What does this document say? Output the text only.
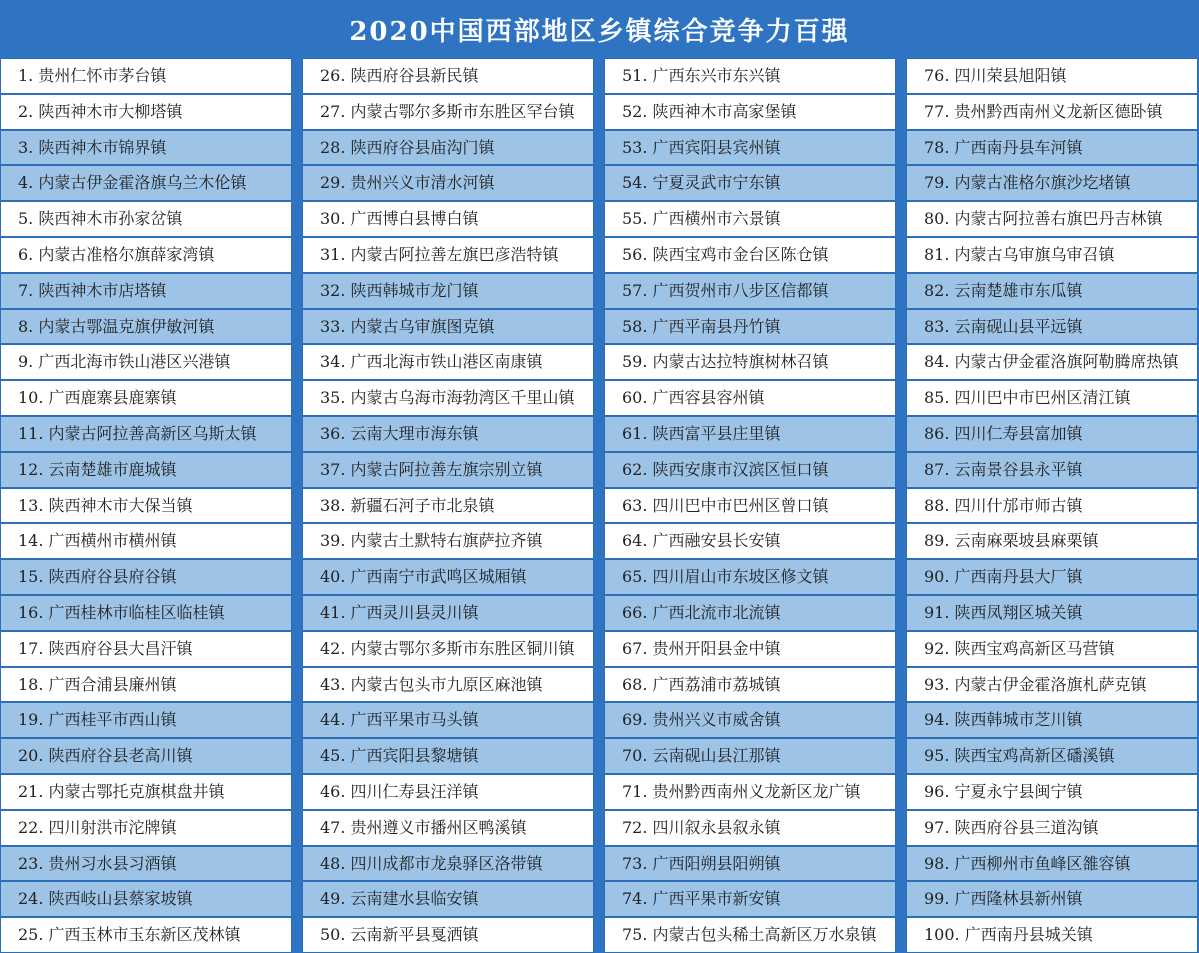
2020中国西部地区乡镇综合竞争力百强
1. 贵州仁怀市茅台镇
2. 陕西神木市大柳塔镇
3. 陕西神木市锦界镇
4. 内蒙古伊金霍洛旗乌兰木伦镇
5. 陕西神木市孙家岔镇
6. 内蒙古准格尔旗薛家湾镇
7. 陕西神木市店塔镇
8. 内蒙古鄂温克旗伊敏河镇
9. 广西北海市铁山港区兴港镇
10. 广西鹿寨县鹿寨镇
11. 内蒙古阿拉善高新区乌斯太镇
12. 云南楚雄市鹿城镇
13. 陕西神木市大保当镇
14. 广西横州市横州镇
15. 陕西府谷县府谷镇
16. 广西桂林市临桂区临桂镇
17. 陕西府谷县大昌汗镇
18. 广西合浦县廉州镇
19. 广西桂平市西山镇
20. 陕西府谷县老高川镇
21. 内蒙古鄂托克旗棋盘井镇
22. 四川射洪市沱牌镇
23. 贵州习水县习酒镇
24. 陕西岐山县蔡家坡镇
25. 广西玉林市玉东新区茂林镇
26. 陕西府谷县新民镇
27. 内蒙古鄂尔多斯市东胜区罕台镇
28. 陕西府谷县庙沟门镇
29. 贵州兴义市清水河镇
30. 广西博白县博白镇
31. 内蒙古阿拉善左旗巴彦浩特镇
32. 陕西韩城市龙门镇
33. 内蒙古乌审旗图克镇
34. 广西北海市铁山港区南康镇
35. 内蒙古乌海市海勃湾区千里山镇
36. 云南大理市海东镇
37. 内蒙古阿拉善左旗宗别立镇
38. 新疆石河子市北泉镇
39. 内蒙古土默特右旗萨拉齐镇
40. 广西南宁市武鸣区城厢镇
41. 广西灵川县灵川镇
42. 内蒙古鄂尔多斯市东胜区铜川镇
43. 内蒙古包头市九原区麻池镇
44. 广西平果市马头镇
45. 广西宾阳县黎塘镇
46. 四川仁寿县汪洋镇
47. 贵州遵义市播州区鸭溪镇
48. 四川成都市龙泉驿区洛带镇
49. 云南建水县临安镇
50. 云南新平县戛洒镇
51. 广西东兴市东兴镇
52. 陕西神木市高家堡镇
53. 广西宾阳县宾州镇
54. 宁夏灵武市宁东镇
55. 广西横州市六景镇
56. 陕西宝鸡市金台区陈仓镇
57. 广西贺州市八步区信都镇
58. 广西平南县丹竹镇
59. 内蒙古达拉特旗树林召镇
60. 广西容县容州镇
61. 陕西富平县庄里镇
62. 陕西安康市汉滨区恒口镇
63. 四川巴中市巴州区曾口镇
64. 广西融安县长安镇
65. 四川眉山市东坡区修文镇
66. 广西北流市北流镇
67. 贵州开阳县金中镇
68. 广西荔浦市荔城镇
69. 贵州兴义市威舍镇
70. 云南砚山县江那镇
71. 贵州黔西南州义龙新区龙广镇
72. 四川叙永县叙永镇
73. 广西阳朔县阳朔镇
74. 广西平果市新安镇
75. 内蒙古包头稀土高新区万水泉镇
76. 四川荣县旭阳镇
77. 贵州黔西南州义龙新区德卧镇
78. 广西南丹县车河镇
79. 内蒙古准格尔旗沙圪堵镇
80. 内蒙古阿拉善右旗巴丹吉林镇
81. 内蒙古乌审旗乌审召镇
82. 云南楚雄市东瓜镇
83. 云南砚山县平远镇
84. 内蒙古伊金霍洛旗阿勒腾席热镇
85. 四川巴中市巴州区清江镇
86. 四川仁寿县富加镇
87. 云南景谷县永平镇
88. 四川什邡市师古镇
89. 云南麻栗坡县麻栗镇
90. 广西南丹县大厂镇
91. 陕西凤翔区城关镇
92. 陕西宝鸡高新区马营镇
93. 内蒙古伊金霍洛旗札萨克镇
94. 陕西韩城市芝川镇
95. 陕西宝鸡高新区磻溪镇
96. 宁夏永宁县闽宁镇
97. 陕西府谷县三道沟镇
98. 广西柳州市鱼峰区雒容镇
99. 广西隆林县新州镇
100. 广西南丹县城关镇
